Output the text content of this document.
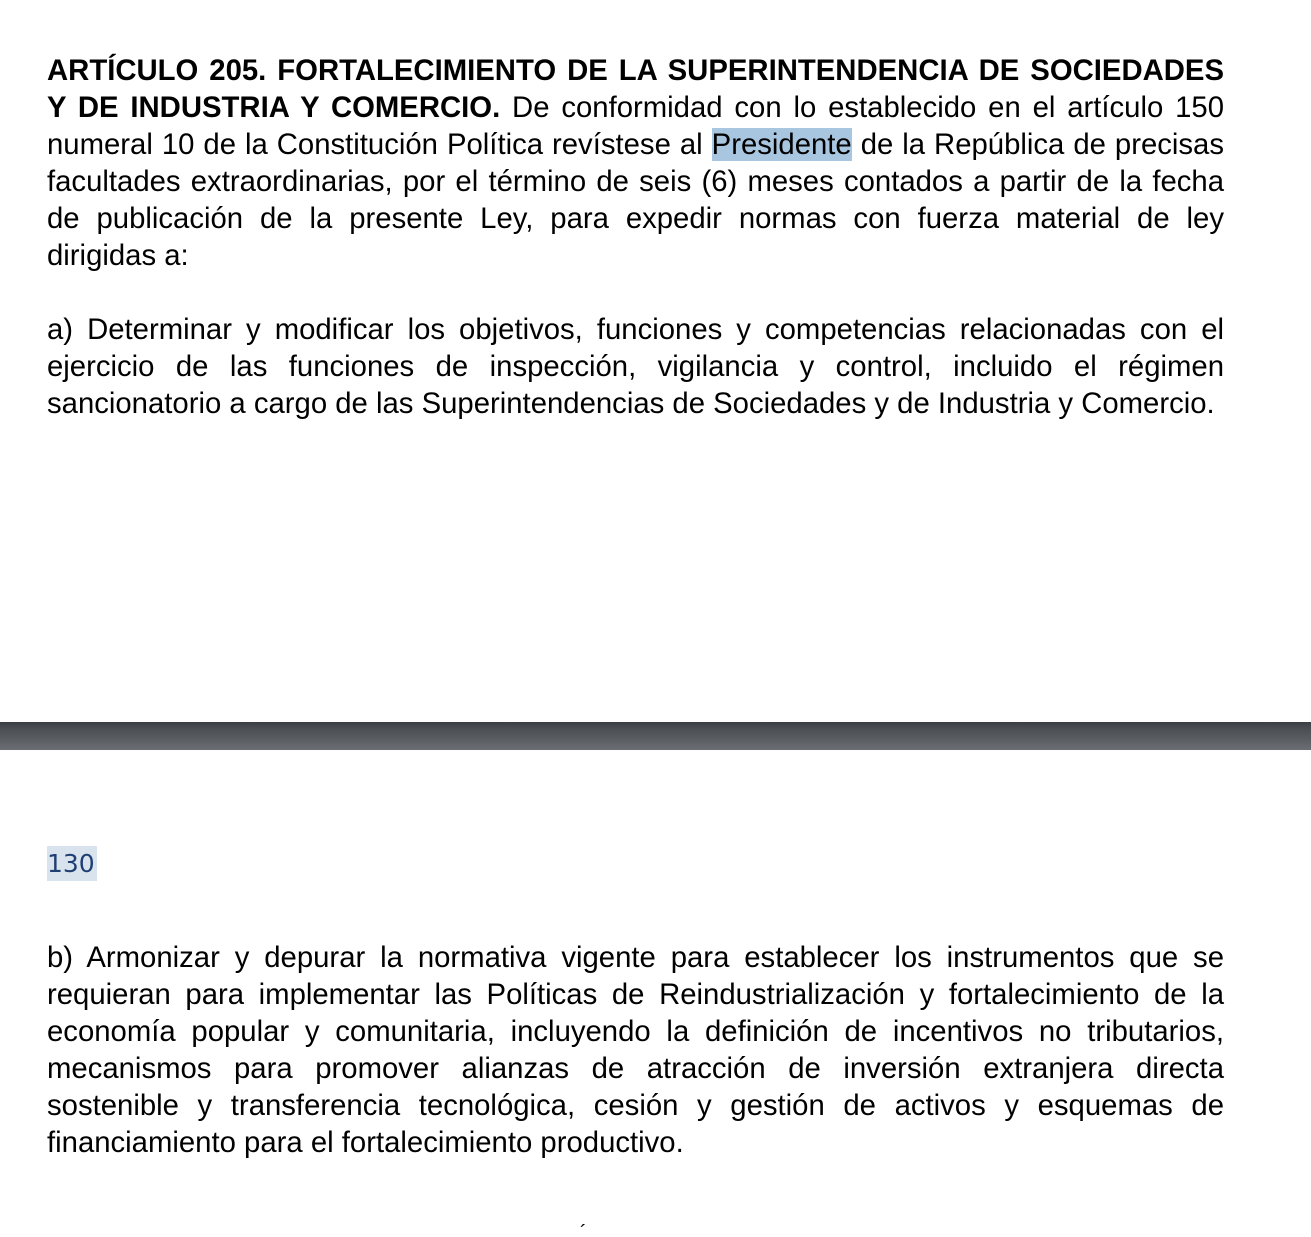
ARTÍCULO 205. FORTALECIMIENTO DE LA SUPERINTENDENCIA DE SOCIEDADES Y DE INDUSTRIA Y COMERCIO. De conformidad con lo establecido en el artículo 150 numeral 10 de la Constitución Política revístese al Presidente de la República de precisas facultades extraordinarias, por el término de seis (6) meses contados a partir de la fecha de publicación de la presente Ley, para expedir normas con fuerza material de ley dirigidas a:

a) Determinar y modificar los objetivos, funciones y competencias relacionadas con el ejercicio de las funciones de inspección, vigilancia y control, incluido el régimen sancionatorio a cargo de las Superintendencias de Sociedades y de Industria y Comercio.

130

b) Armonizar y depurar la normativa vigente para establecer los instrumentos que se requieran para implementar las Políticas de Reindustrialización y fortalecimiento de la economía popular y comunitaria, incluyendo la definición de incentivos no tributarios, mecanismos para promover alianzas de atracción de inversión extranjera directa sostenible y transferencia tecnológica, cesión y gestión de activos y esquemas de financiamiento para el fortalecimiento productivo.

´
